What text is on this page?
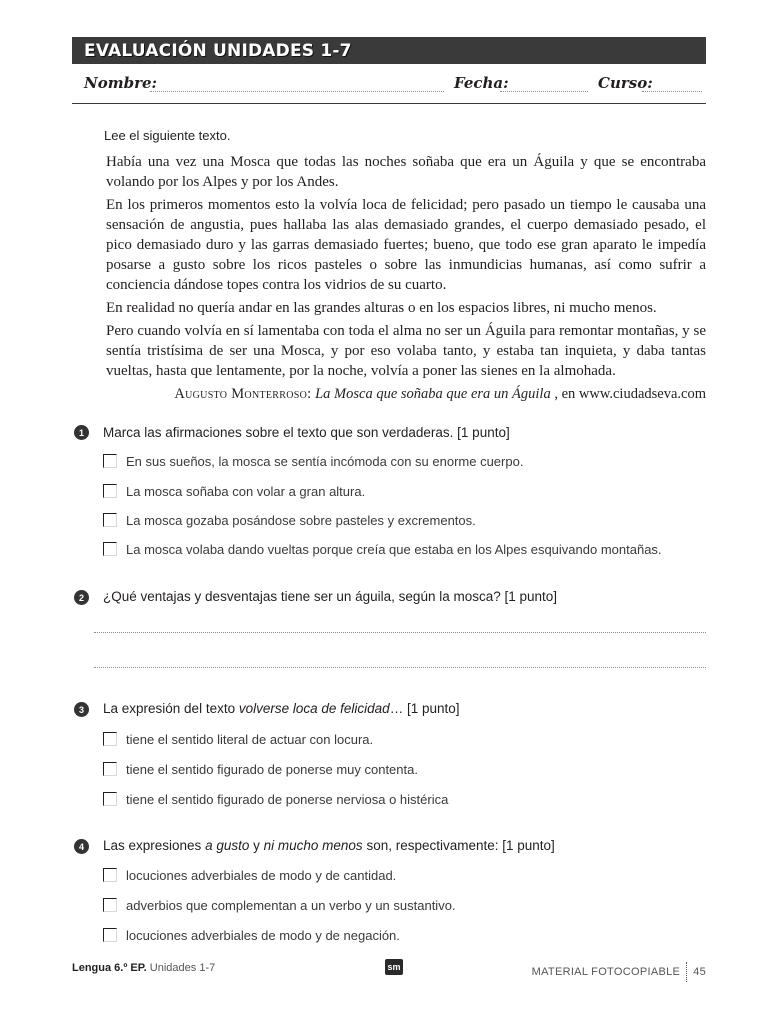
EVALUACIÓN UNIDADES 1-7
Nombre:	Fecha:	Curso:
Lee el siguiente texto.

Había una vez una Mosca que todas las noches soñaba que era un Águila y que se encontraba volando por los Alpes y por los Andes.

En los primeros momentos esto la volvía loca de felicidad; pero pasado un tiempo le causaba una sensación de angustia, pues hallaba las alas demasiado grandes, el cuerpo demasiado pesado, el pico demasiado duro y las garras demasiado fuertes; bueno, que todo ese gran aparato le impedía posarse a gusto sobre los ricos pasteles o sobre las inmundicias humanas, así como sufrir a conciencia dándose topes contra los vidrios de su cuarto.

En realidad no quería andar en las grandes alturas o en los espacios libres, ni mucho menos.

Pero cuando volvía en sí lamentaba con toda el alma no ser un Águila para remontar montañas, y se sentía tristísima de ser una Mosca, y por eso volaba tanto, y estaba tan inquieta, y daba tantas vueltas, hasta que lentamente, por la noche, volvía a poner las sienes en la almohada.

Augusto Monterroso: La Mosca que soñaba que era un Águila , en www.ciudadseva.com
1	Marca las afirmaciones sobre el texto que son verdaderas. [1 punto]
En sus sueños, la mosca se sentía incómoda con su enorme cuerpo.
La mosca soñaba con volar a gran altura.
La mosca gozaba posándose sobre pasteles y excrementos.
La mosca volaba dando vueltas porque creía que estaba en los Alpes esquivando montañas.
2	¿Qué ventajas y desventajas tiene ser un águila, según la mosca? [1 punto]
3	La expresión del texto volverse loca de felicidad… [1 punto]
tiene el sentido literal de actuar con locura.
tiene el sentido figurado de ponerse muy contenta.
tiene el sentido figurado de ponerse nerviosa o histérica
4	Las expresiones a gusto y ni mucho menos son, respectivamente: [1 punto]
locuciones adverbiales de modo y de cantidad.
adverbios que complementan a un verbo y un sustantivo.
locuciones adverbiales de modo y de negación.
Lengua 6.º EP. Unidades 1-7	sm	MATERIAL FOTOCOPIABLE 45
